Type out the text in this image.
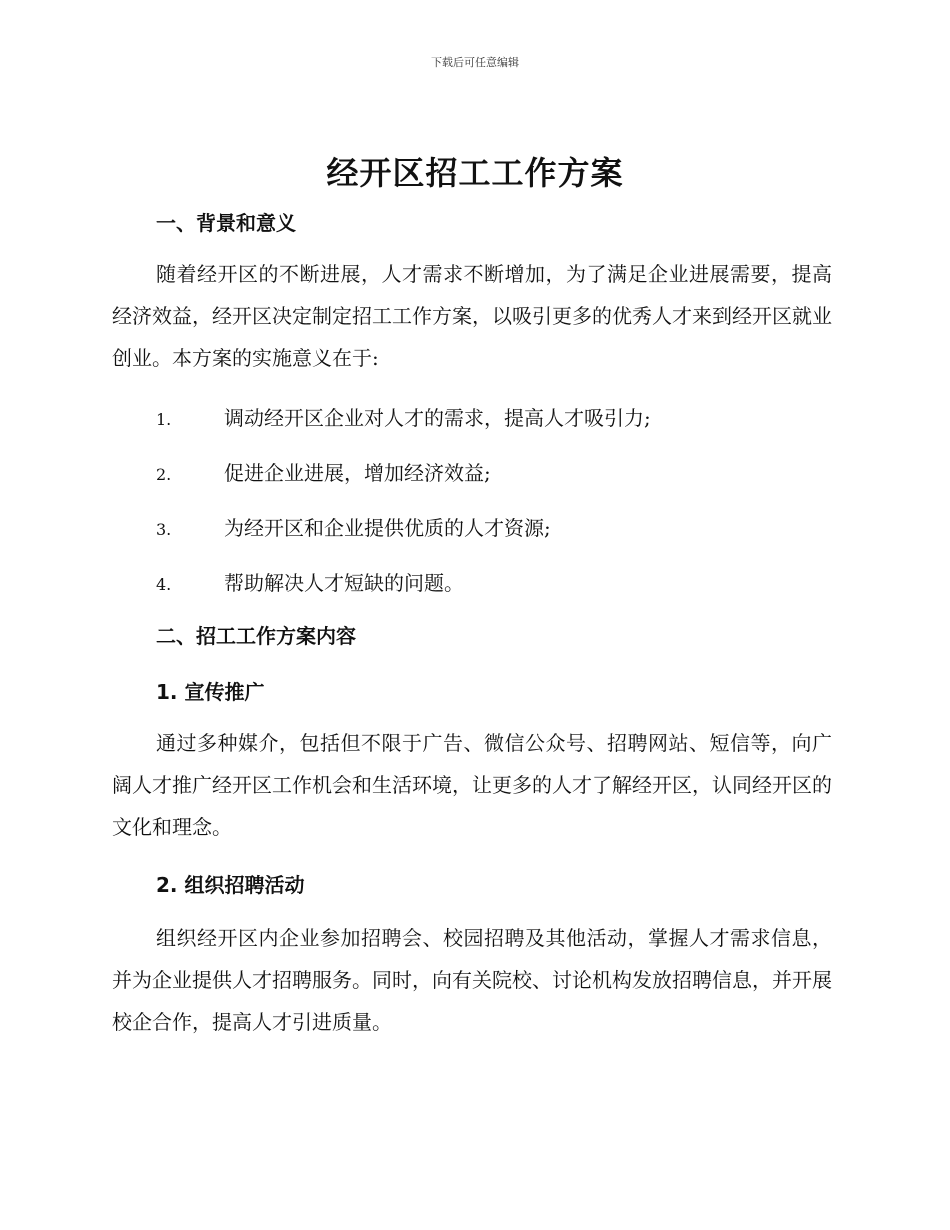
下载后可任意编辑
经开区招工工作方案
一、背景和意义
随着经开区的不断进展，人才需求不断增加，为了满足企业进展需要，提高经济效益，经开区决定制定招工工作方案，以吸引更多的优秀人才来到经开区就业创业。本方案的实施意义在于:
1.	调动经开区企业对人才的需求，提高人才吸引力;
2.	促进企业进展，增加经济效益;
3.	为经开区和企业提供优质的人才资源;
4.	帮助解决人才短缺的问题。
二、招工工作方案内容
1. 宣传推广
通过多种媒介，包括但不限于广告、微信公众号、招聘网站、短信等，向广阔人才推广经开区工作机会和生活环境，让更多的人才了解经开区，认同经开区的文化和理念。
2. 组织招聘活动
组织经开区内企业参加招聘会、校园招聘及其他活动，掌握人才需求信息，并为企业提供人才招聘服务。同时，向有关院校、讨论机构发放招聘信息，并开展校企合作，提高人才引进质量。
